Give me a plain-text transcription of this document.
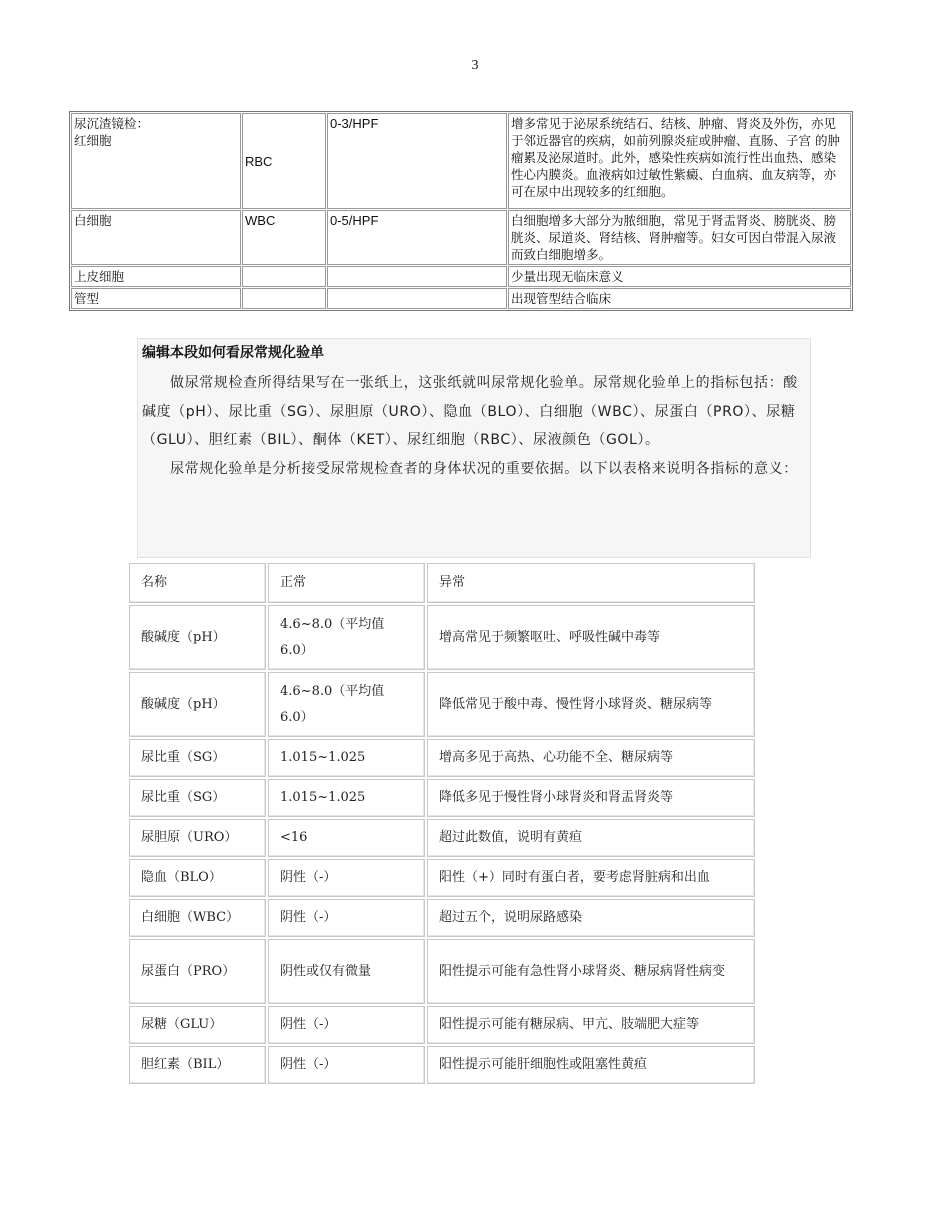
3
尿沉渣镜检：
红细胞	RBC	0-3/HPF	增多常见于泌尿系统结石、结核、肿瘤、肾炎及外伤，亦见于邻近器官的疾病，如前列腺炎症或肿瘤、直肠、子宫 的肿瘤累及泌尿道时。此外，感染性疾病如流行性出血热、感染性心内膜炎。血液病如过敏性紫癜、白血病、血友病等，亦可在尿中出现较多的红细胞。
白细胞	WBC	0-5/HPF	白细胞增多大部分为脓细胞，常见于肾盂肾炎、膀胱炎、膀胱炎、尿道炎、肾结核、肾肿瘤等。妇女可因白带混入尿液而致白细胞增多。
上皮细胞			少量出现无临床意义
管型			出现管型结合临床
编辑本段如何看尿常规化验单

做尿常规检查所得结果写在一张纸上，这张纸就叫尿常规化验单。尿常规化验单上的指标包括：酸碱度（pH）、尿比重（SG）、尿胆原（URO）、隐血（BLO）、白细胞（WBC）、尿蛋白（PRO）、尿糖（GLU）、胆红素（BIL）、酮体（KET）、尿红细胞（RBC）、尿液颜色（GOL）。

尿常规化验单是分析接受尿常规检查者的身体状况的重要依据。以下以表格来说明各指标的意义：

名称	正常	异常
酸碱度（pH）	4.6~8.0（平均值 6.0）	增高常见于频繁呕吐、呼吸性碱中毒等
酸碱度（pH）	4.6~8.0（平均值 6.0）	降低常见于酸中毒、慢性肾小球肾炎、糖尿病等
尿比重（SG）	1.015~1.025	增高多见于高热、心功能不全、糖尿病等
尿比重（SG）	1.015~1.025	降低多见于慢性肾小球肾炎和肾盂肾炎等
尿胆原（URO）	<16	超过此数值，说明有黄疸
隐血（BLO）	阴性（-）	阳性（+）同时有蛋白者，要考虑肾脏病和出血
白细胞（WBC）	阴性（-）	超过五个，说明尿路感染
尿蛋白（PRO）	阴性或仅有微量	阳性提示可能有急性肾小球肾炎、糖尿病肾性病变
尿糖（GLU）	阴性（-）	阳性提示可能有糖尿病、甲亢、肢端肥大症等
胆红素（BIL）	阴性（-）	阳性提示可能肝细胞性或阻塞性黄疸
